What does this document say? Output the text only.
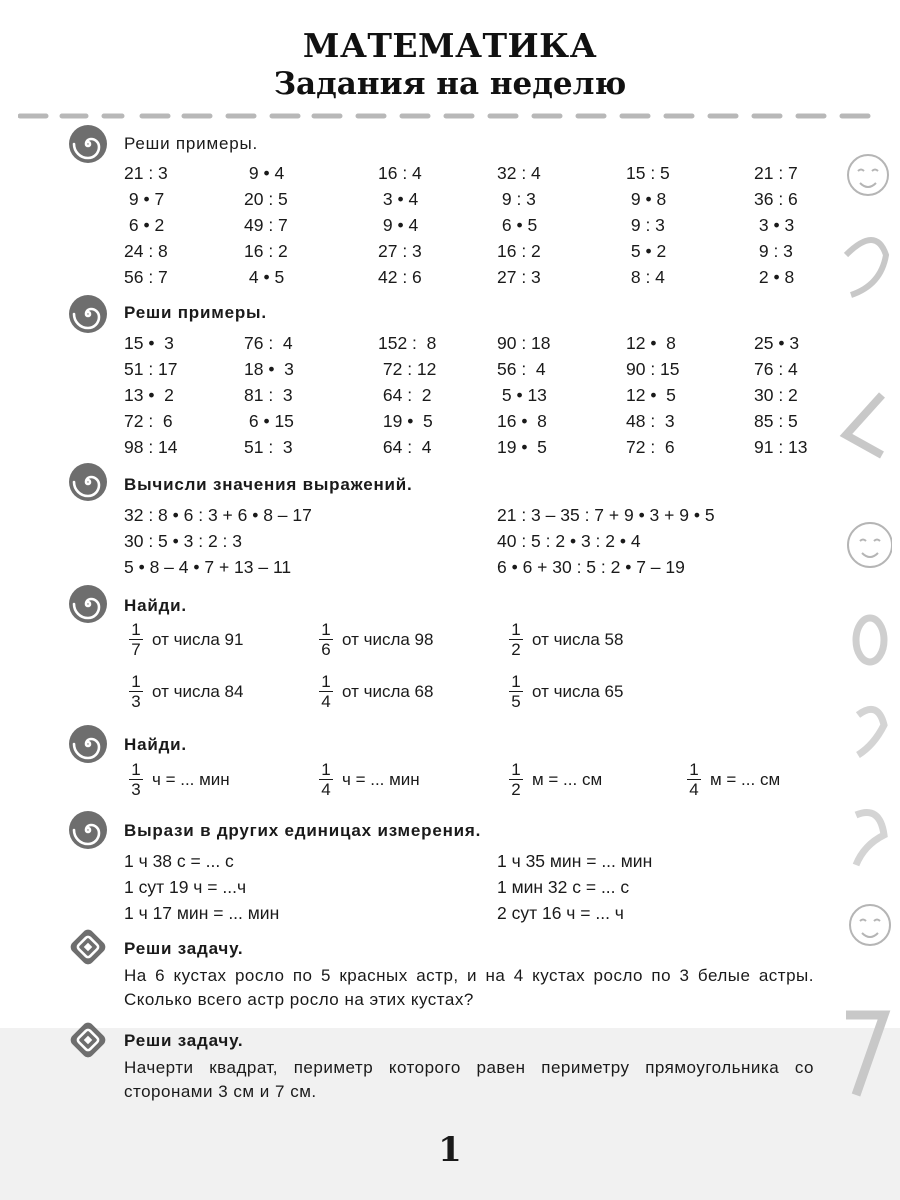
МАТЕМАТИКА
Задания на неделю
Реши примеры.
21 : 3	9 • 4	16 : 4	32 : 4	15 : 5	21 : 7
9 • 7	20 : 5	3 • 4	9 : 3	9 • 8	36 : 6
6 • 2	49 : 7	9 • 4	6 • 5	9 : 3	3 • 3
24 : 8	16 : 2	27 : 3	16 : 2	5 • 2	9 : 3
56 : 7	4 • 5	42 : 6	27 : 3	8 : 4	2 • 8
Реши примеры.
15 •  3	76 :  4	152 :  8	90 : 18	12 •  8	25 • 3
51 : 17	18 •  3	72 : 12	56 :  4	90 : 15	76 : 4
13 •  2	81 :  3	64 :  2	5 • 13	12 •  5	30 : 2
72 :  6	6 • 15	19 •  5	16 •  8	48 :  3	85 : 5
98 : 14	51 :  3	64 :  4	19 •  5	72 :  6	91 : 13
Вычисли значения выражений.
32 : 8 • 6 : 3 + 6 • 8 – 17
30 : 5 • 3 : 2 : 3
5 • 8 – 4 • 7 + 13 – 11
21 : 3 – 35 : 7 + 9 • 3 + 9 • 5
40 : 5 : 2 • 3 : 2 • 4
6 • 6 + 30 : 5 : 2 • 7 – 19
Найди.
$\frac{1}{7}$ от числа 91	$\frac{1}{6}$ от числа 98	$\frac{1}{2}$ от числа 58
$\frac{1}{3}$ от числа 84	$\frac{1}{4}$ от числа 68	$\frac{1}{5}$ от числа 65
Найди.
$\frac{1}{3}$ ч = ... мин	$\frac{1}{4}$ ч = ... мин	$\frac{1}{2}$ м = ... см	$\frac{1}{4}$ м = ... см
Вырази в других единицах измерения.
1 ч 38 с = ... с
1 сут 19 ч = ...ч
1 ч 17 мин = ... мин
1 ч 35 мин = ... мин
1 мин 32 с = ... с
2 сут 16 ч = ... ч
Реши задачу.
На 6 кустах росло по 5 красных астр, и на 4 кустах росло по 3 белые астры. Сколько всего астр росло на этих кустах?
Реши задачу.
Начерти квадрат, периметр которого равен периметру прямоугольника со сторонами 3 см и 7 см.
1
